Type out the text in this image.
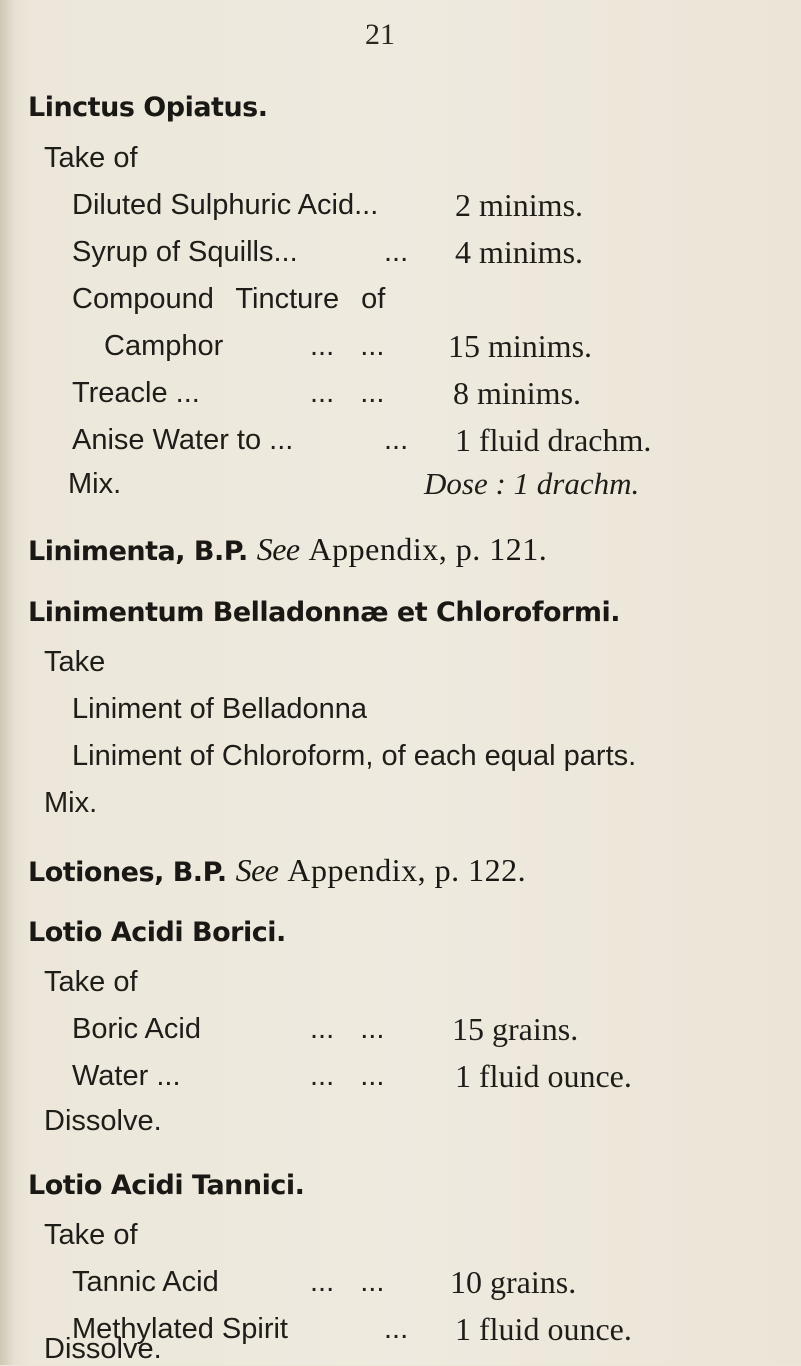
21
Linctus Opiatus.
Take of
Diluted Sulphuric Acid... 2 minims.
Syrup of Squills...	... 4 minims.
Compound Tincture of
Camphor	... ... 15 minims.
Treacle ...	... ... 8 minims.
Anise Water to ...	... 1 fluid drachm.
Mix.	Dose : 1 drachm.
Linimenta, B.P. See Appendix, p. 121.
Linimentum Belladonnæ et Chloroformi.
Take
Liniment of Belladonna
Liniment of Chloroform, of each equal parts.
Mix.
Lotiones, B.P. See Appendix, p. 122.
Lotio Acidi Borici.
Take of
Boric Acid	... ... 15 grains.
Water ...	... ... 1 fluid ounce.
Dissolve.
Lotio Acidi Tannici.
Take of
Tannic Acid	... ... 10 grains.
Methylated Spirit	... 1 fluid ounce.
Dissolve.
